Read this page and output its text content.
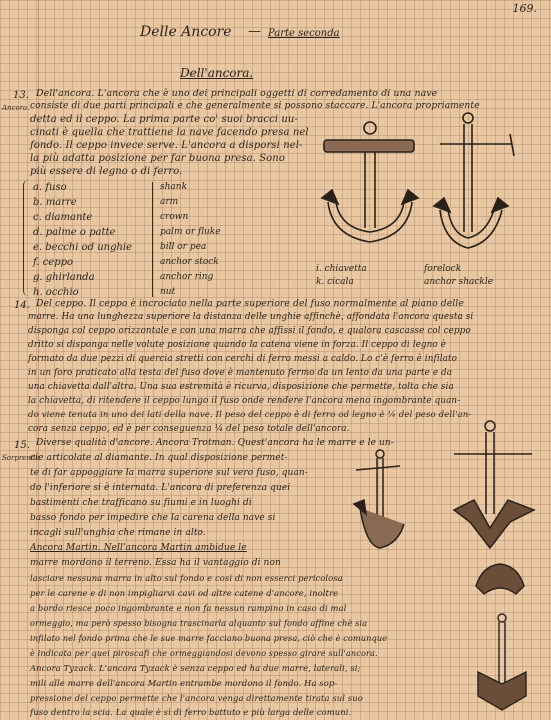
169.
Delle Ancore — Parte seconda
Dell'ancora.
13.
Ancora.
Dell'ancora. L'ancora che è uno dei principali oggetti di corredamento di una nave
consiste di due parti principali e che generalmente si possono staccare. L'ancora propriamente
detta ed il ceppo. La prima parte co' suoi bracci uu-
cinati è quella che trattiene la nave facendo presa nel
fondo. Il ceppo invece serve. L'ancora a disporsi nel-
la più adatta posizione per far buona presa. Sono
più essere di legno o di ferro.
a. fuso
b. marre
c. diamante
d. palme o patte
e. becchi od unghie
f. ceppo
g. ghirlanda
h. occhio
shank
arm
crown
palm or fluke
bill or pea
anchor stock
anchor ring
nut
i. chiavetta
k. cicala
forelock
anchor shackle
14. Del ceppo. Il ceppo è incrociato nella parte superiore del fuso normalmente al piano delle
marre. Ha una lunghezza superiore la distanza delle unghie affinchè, affondata l'ancora questa si
disponga col ceppo orizzontale e con una marra che affissi il fondo, e qualora cascasse col ceppo
dritto si disponga nelle volute posizione quando la catena viene in forza. Il ceppo di legno è
formato da due pezzi di quercia stretti con cerchi di ferro messi a caldo. Lo c'è ferro è infilato
in un foro praticato alla testa del fuso dove è mantenuto fermo da un lento da una parte e da
una chiavetta dall'altra. Una sua estremità è ricurva, disposizione che permette, tolta che sia
la chiavetta, di ritendere il ceppo lungo il fuso onde rendere l'ancora meno ingombrante quan-
do viene tenuta in uno dei lati della nave. Il peso del ceppo è di ferro od legno è ¼ del peso dell'an-
cora senza ceppo, ed è per conseguenza ¼ del peso totale dell'ancora.
15.
Sorprende
Diverse qualità d'ancore. Ancora Trotman. Quest'ancora ha le marre e le un-
cie articolate al diamante. In qual disposizione permet-
te di far appoggiare la marra superiore sul vero fuso, quan-
do l'inferiore si è internata. L'ancora di preferenza quei
bastimenti che trafficano su fiumi e in luoghi di
basso fondo per impedire che la carena della nave si
incagli sull'unghia che rimane in alto.
Ancora Martin. Nell'ancora Martin ambidue le
marre mordono il terreno. Essa ha il vantaggio di non
lasciare nessuna marra in alto sul fondo e così di non esserci pericolosa
per le carene e di non impigliarvi cavi od altre catene d'ancore, inoltre
a bordo riesce poco ingombrante e non fa nessun rampino in caso di mal
ormeggio, ma però spesso bisogna trascinarla alquanto sul fondo affine chè sia
infilato nel fondo prima che le sue marre facciano buona presa, ciò che è comunque
è indicata per quei piroscafi che ormeggiandosi devono spesso girare sull'ancora.
Ancora Tyzack. L'ancora Tyzack è senza ceppo ed ha due marre, laterali, si;
mili alle marre dell'ancora Martin entrambe mordono il fondo. Ha sop-
pressione del ceppo permette che l'ancora venga direttamente tirata sul suo
fuso dentro la scia. La quale è sì di ferro battuto e più larga delle comuni.
